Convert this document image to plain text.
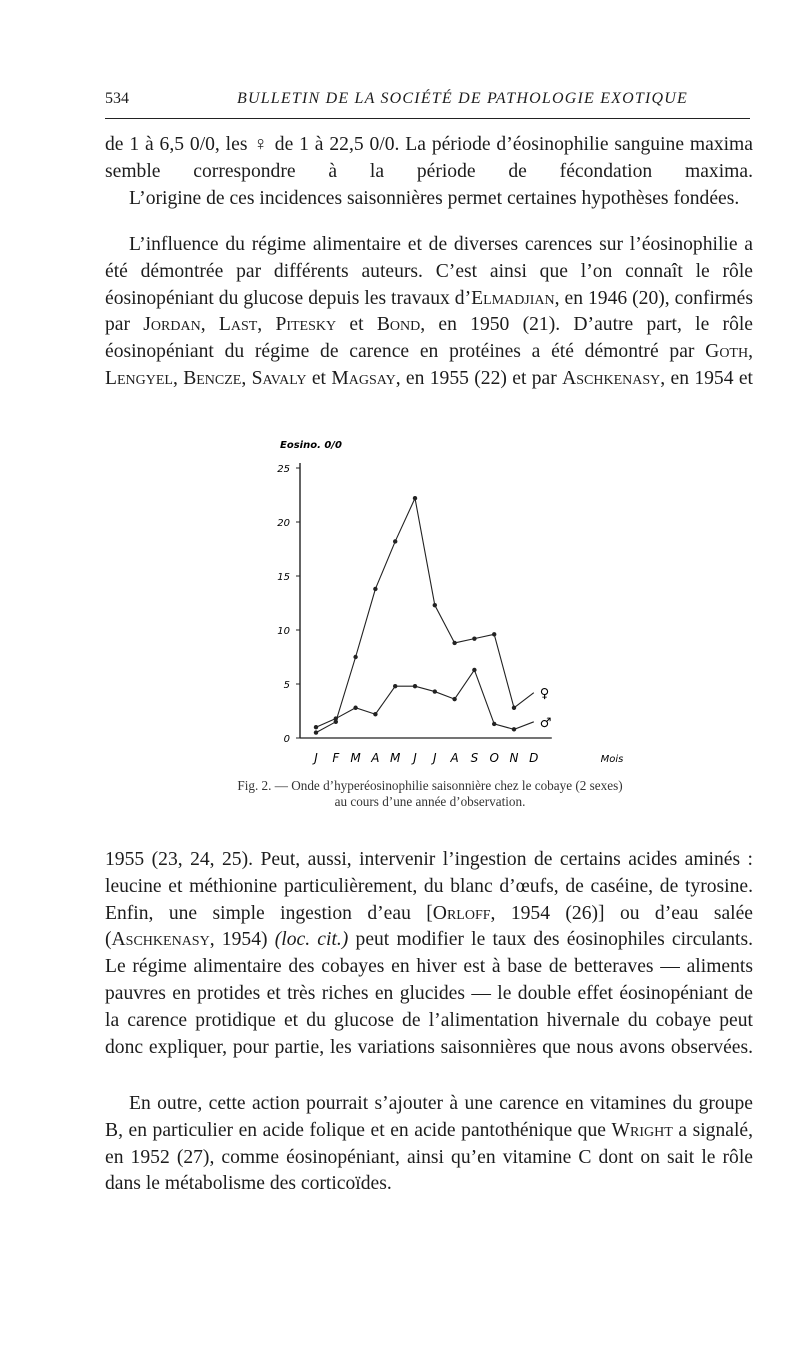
534	BULLETIN DE LA SOCIÉTÉ DE PATHOLOGIE EXOTIQUE

de 1 à 6,5 0/0, les ♀ de 1 à 22,5 0/0. La période d’éosinophilie sanguine maxima semble correspondre à la période de fécondation maxima.

L’origine de ces incidences saisonnières permet certaines hypothèses fondées.

L’influence du régime alimentaire et de diverses carences sur l’éosinophilie a été démontrée par différents auteurs. C’est ainsi que l’on connaît le rôle éosinopéniant du glucose depuis les travaux d’Elmadjian, en 1946 (20), confirmés par Jordan, Last, Pitesky et Bond, en 1950 (21). D’autre part, le rôle éosinopéniant du régime de carence en protéines a été démontré par Goth, Lengyel, Bencze, Savaly et Magsay, en 1955 (22) et par Aschkenasy, en 1954 et

0
5
10
15
20
25
Eosino. 0/0
J F M A M J J A S O N D	Mois
♀
♂
Fig. 2. — Onde d’hyperéosinophilie saisonnière chez le cobaye (2 sexes)
au cours d’une année d’observation.

1955 (23, 24, 25). Peut, aussi, intervenir l’ingestion de certains acides aminés : leucine et méthionine particulièrement, du blanc d’œufs, de caséine, de tyrosine. Enfin, une simple ingestion d’eau [Orloff, 1954 (26)] ou d’eau salée (Aschkenasy, 1954) (loc. cit.) peut modifier le taux des éosinophiles circulants. Le régime alimentaire des cobayes en hiver est à base de betteraves — aliments pauvres en protides et très riches en glucides — le double effet éosinopéniant de la carence protidique et du glucose de l’alimentation hivernale du cobaye peut donc expliquer, pour partie, les variations saisonnières que nous avons observées.

En outre, cette action pourrait s’ajouter à une carence en vitamines du groupe B, en particulier en acide folique et en acide pantothénique que Wright a signalé, en 1952 (27), comme éosinopéniant, ainsi qu’en vitamine C dont on sait le rôle dans le métabolisme des corticoïdes.
